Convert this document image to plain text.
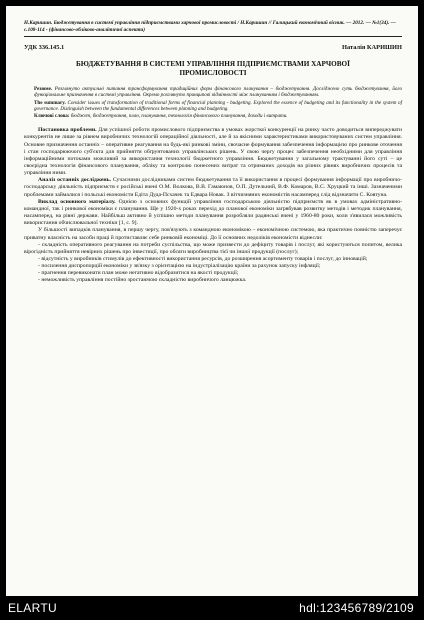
Н.Каришин. Бюджетування в системі управління підприємствами харчової промисловості / Н.Каришин // Галицький економічний вісник. — 2012. — №1(34). — с.108-114 - (фінансово-обліково-аналітичні аспекти)

УДК 336.145.1	Наталія КАРИШИН
БЮДЖЕТУВАННЯ В СИСТЕМІ УПРАВЛІННЯ ПІДПРИЄМСТВАМИ ХАРЧОВОЇ ПРОМИСЛОВОСТІ

Резюме. Розглянуто актуальні питання трансформування традиційних форм фінансового планування – бюджетування. Досліджено суть бюджетування, його функціональне призначення в системі управління. Окремо розглянуто принципові відмінності між плануванням і бюджетуванням.

The summary. Consider issues of transformation of traditional forms of financial planning - budgeting. Explored the essence of budgeting and its functionality in the system of governance. Distinguish between the fundamental differences between planning and budgeting.

Ключові слова: бюджет, бюджетування, план, планування, технологія фінансового планування, доходи і витрати.

Постановка проблеми. Для успішної роботи промислового підприємства в умовах жорсткої конкуренції на ринку часто доводиться випереджувати конкурентів не лише за рівнем виробничих технологій операційної діяльності, але й за якісними характеристиками використовуваних систем управління. Основне призначення останніх – оперативне реагування на будь-які ринкові зміни, свочасне формування забезпечення інформацією про ринкове оточення і стан господарюючого суб'єкта для прийняття обґрунтованих управлінських рішень. У свою чергу процес забезпечення необхідними для управління інформаційними потоками можливий за використання технології бюджетного управління. Бюджетування у загальному трактуванні його суті – це своєрідна технологія фінансового планування, обліку та контролю понесених витрат та отриманих доходів на різних рівнях виробничих процесів та управління ними.

Аналіз останніх досліджень. Сучасними дослідниками систем бюджетування та її використання в процесі формування інформації про виробничо-господарську діяльність підприємств є російські вчені О.М. Волкова, В.В. Гамаюнов, О.П. Дутельний, В.Ф. Комаров, В.С. Хруцкий та інші. Зазначеними проблемами займалися і польські економісти Едіта Дуда-Псхачек та Едвара Новак. З вітчизняних економістів насамперед слід відзначити С. Ковтуна.

Виклад основного матеріалу. Однією з основних функцій управління господарською діяльністю підприємств як в умовах адміністративно-командної, так і ринкової економіки є планування. Ще у 1920-х роках перехід до планової економіки загрвбував розвитку методів і методик планування, насамперед, на рівні держави. Найбільш активно й успішно методи планування розробляли радянські вчені у 1960-80 роки, коли з'явилася можливість використання обчислювальної техніки [1, с. 9].

У більшості випадків планування, в першу чергу, пов'язують з командною економікою – економічною системою, яка практично повністю заперечує приватну власність на засоби праці й протиставляє себе ринковій економіці. До її основних недоліків економісти віднесли:

- складність оперативного реагування на потреби суспільства, що може призвести до дефіциту товарів і послуг, які користуються попитом, велика вірогідність прийняття невірних рішень про інвестиції, про обсяги виробництва тієї чи іншої продукції (послуг);

- відсутність у виробників стимулів до ефективності використання ресурсів, до розширення асортименту товарів і послуг, до інновацій;

- посилення диспропорцій економіки у зв'язку з орієнтацією на індустріалізацію країни за рахунок запуску інфляції;

- прагнення перевиконати план може негативно відобразитися на якості продукції;

- неможливість управління постійно зростаючою складністю виробничого ланцюжка.

ELARTU	hdl:123456789/2109
